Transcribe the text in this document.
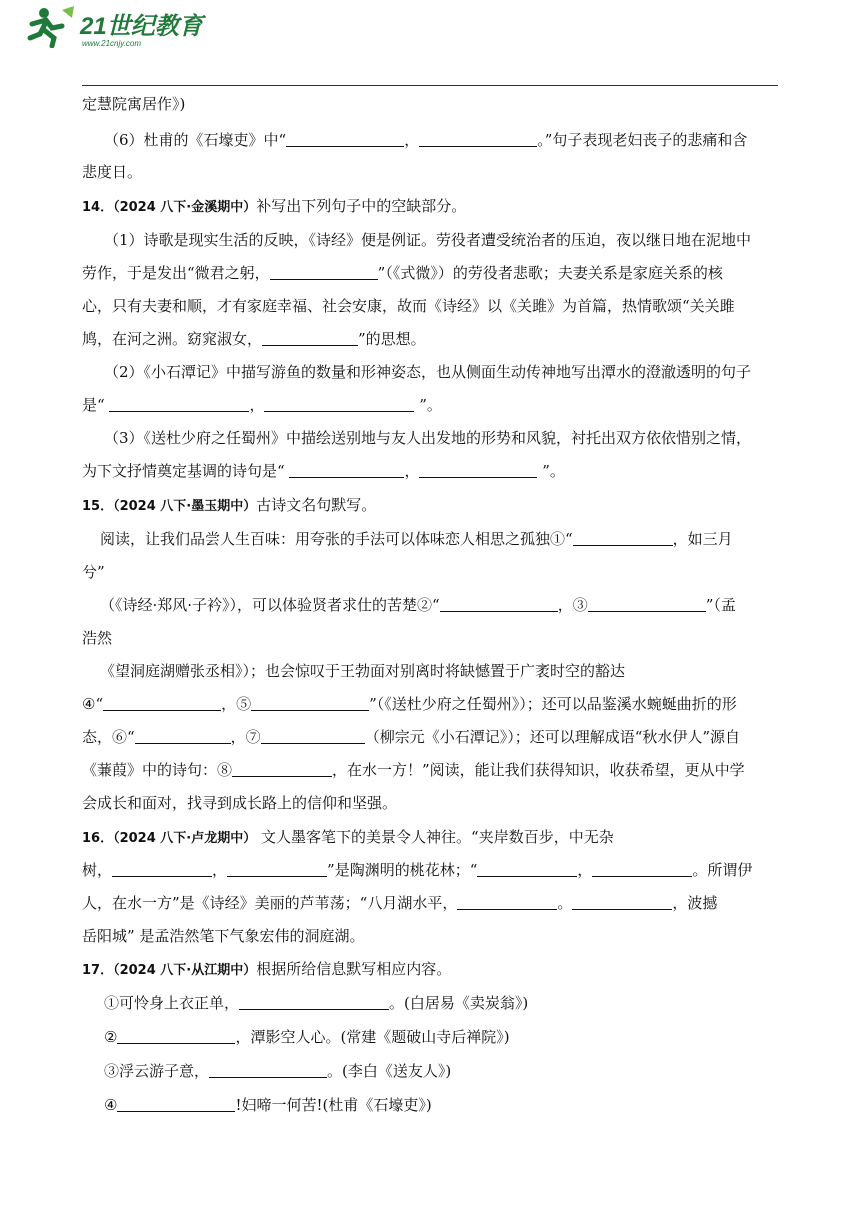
21世纪教育
www.21cnjy.com
定慧院寓居作》)
（6）杜甫的《石壕吏》中“	，	。”句子表现老妇丧子的悲痛和含
悲度日。
14．（2024 八下·金溪期中）补写出下列句子中的空缺部分。
（1）诗歌是现实生活的反映，《诗经》便是例证。劳役者遭受统治者的压迫，夜以继日地在泥地中
劳作，于是发出“微君之躬，	”（《式微》）的劳役者悲歌；夫妻关系是家庭关系的核
心，只有夫妻和顺，才有家庭幸福、社会安康，故而《诗经》以《关雎》为首篇，热情歌颂“关关雎
鸠，在河之洲。窈窕淑女，	”的思想。
（2）《小石潭记》中描写游鱼的数量和形神姿态，也从侧面生动传神地写出潭水的澄澈透明的句子
是“	，	”。
（3）《送杜少府之任蜀州》中描绘送别地与友人出发地的形势和风貌，衬托出双方依依惜别之情，
为下文抒情奠定基调的诗句是“	，	”。
15．（2024 八下·墨玉期中）古诗文名句默写。
阅读，让我们品尝人生百味：用夸张的手法可以体味恋人相思之孤独①“	，如三月
兮”
（《诗经·郑风·子衿》），可以体验贤者求仕的苦楚②“	，③	”（孟
浩然
《望洞庭湖赠张丞相》）；也会惊叹于王勃面对别离时将缺憾置于广袤时空的豁达
④“	，⑤	”（《送杜少府之任蜀州》）；还可以品鉴溪水蜿蜒曲折的形
态，⑥“	，⑦	（柳宗元《小石潭记》）；还可以理解成语“秋水伊人”源自
《蒹葭》中的诗句：⑧	，在水一方！”阅读，能让我们获得知识，收获希望，更从中学
会成长和面对，找寻到成长路上的信仰和坚强。
16．（2024 八下·卢龙期中） 文人墨客笔下的美景令人神往。“夹岸数百步，中无杂
树，	，	”是陶渊明的桃花林；“	，	。所谓伊
人，在水一方”是《诗经》美丽的芦苇荡；“八月湖水平，	。	，波撼
岳阳城” 是孟浩然笔下气象宏伟的洞庭湖。
17．（2024 八下·从江期中）根据所给信息默写相应内容。
①可怜身上衣正单，	。(白居易《卖炭翁》)
②	，潭影空人心。(常建《题破山寺后禅院》)
③浮云游子意，	。(李白《送友人》)
④	!妇啼一何苦!(杜甫《石壕吏》)
